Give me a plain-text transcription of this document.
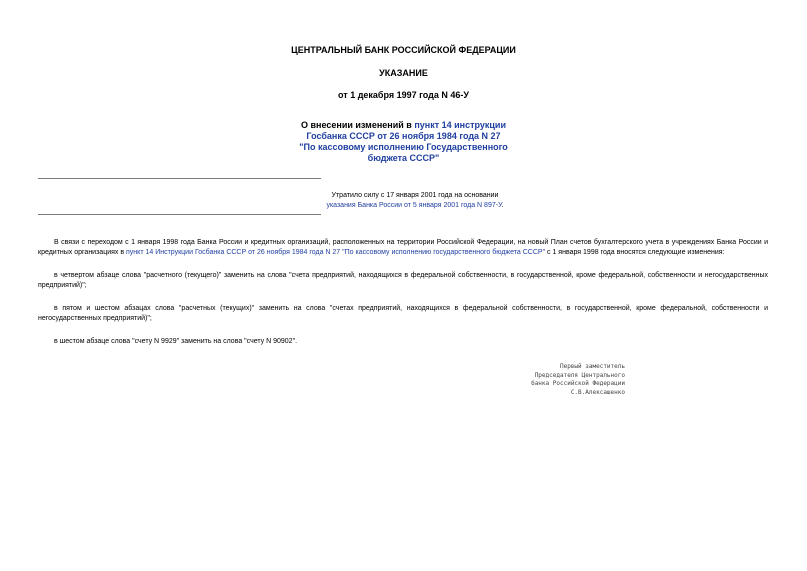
ЦЕНТРАЛЬНЫЙ БАНК РОССИЙСКОЙ ФЕДЕРАЦИИ
УКАЗАНИЕ
от 1 декабря 1997 года N 46-У
О внесении изменений в пункт 14 инструкции
Госбанка СССР от 26 ноября 1984 года N 27
"По кассовому исполнению Государственного
бюджета СССР"
Утратило силу с 17 января 2001 года на основании
указания Банка России от 5 января 2001 года N 897-У.

В связи с переходом с 1 января 1998 года Банка России и кредитных организаций, расположенных на территории Российской Федерации, на новый План счетов бухгалтерского учета в учреждениях Банка России и кредитных организациях в пункт 14 Инструкции Госбанка СССР от 26 ноября 1984 года N 27 "По кассовому исполнению государственного бюджета СССР" с 1 января 1998 года вносятся следующие изменения:

в четвертом абзаце слова "расчетного (текущего)" заменить на слова "счета предприятий, находящихся в федеральной собственности, в государственной, кроме федеральной, собственности и негосударственных предприятий)";

в пятом и шестом абзацах слова "расчетных (текущих)" заменить на слова "счетах предприятий, находящихся в федеральной собственности, в государственной, кроме федеральной, собственности и негосударственных предприятий)";

в шестом абзаце слова "счету N 9929" заменить на слова "счету N 90902".

Первый заместитель
Председателя Центрального
банка Российской Федерации
С.В.Алексашенко
